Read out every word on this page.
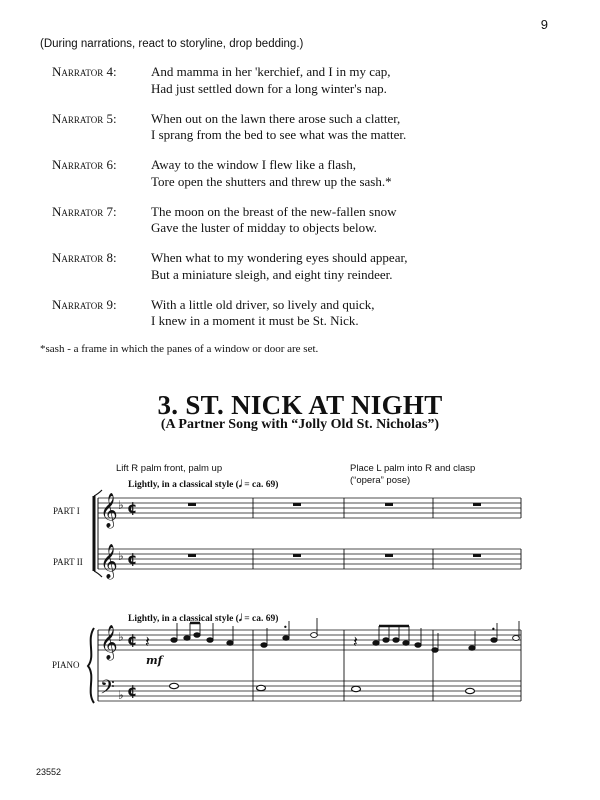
9
(During narrations, react to storyline, drop bedding.)
Narrator 4:	And mamma in her 'kerchief, and I in my cap,
Had just settled down for a long winter's nap.
Narrator 5:	When out on the lawn there arose such a clatter,
I sprang from the bed to see what was the matter.
Narrator 6:	Away to the window I flew like a flash,
Tore open the shutters and threw up the sash.*
Narrator 7:	The moon on the breast of the new-fallen snow
Gave the luster of midday to objects below.
Narrator 8:	When what to my wondering eyes should appear,
But a miniature sleigh, and eight tiny reindeer.
Narrator 9:	With a little old driver, so lively and quick,
I knew in a moment it must be St. Nick.
*sash - a frame in which the panes of a window or door are set.
3. ST. NICK AT NIGHT
(A Partner Song with “Jolly Old St. Nicholas”)
Lift R palm front, palm up	Place L palm into R and clasp
(“opera” pose)
Lightly, in a classical style (𝅗𝅥 = ca. 69)
Lightly, in a classical style (𝅗𝅥 = ca. 69)
PART I
PART II
PIANO
𝄞
𝄞
𝄞
𝄢
♭
♭
♭
♭
¢
¢
¢
¢
𝄽
•
𝄽
•
mf
23552
